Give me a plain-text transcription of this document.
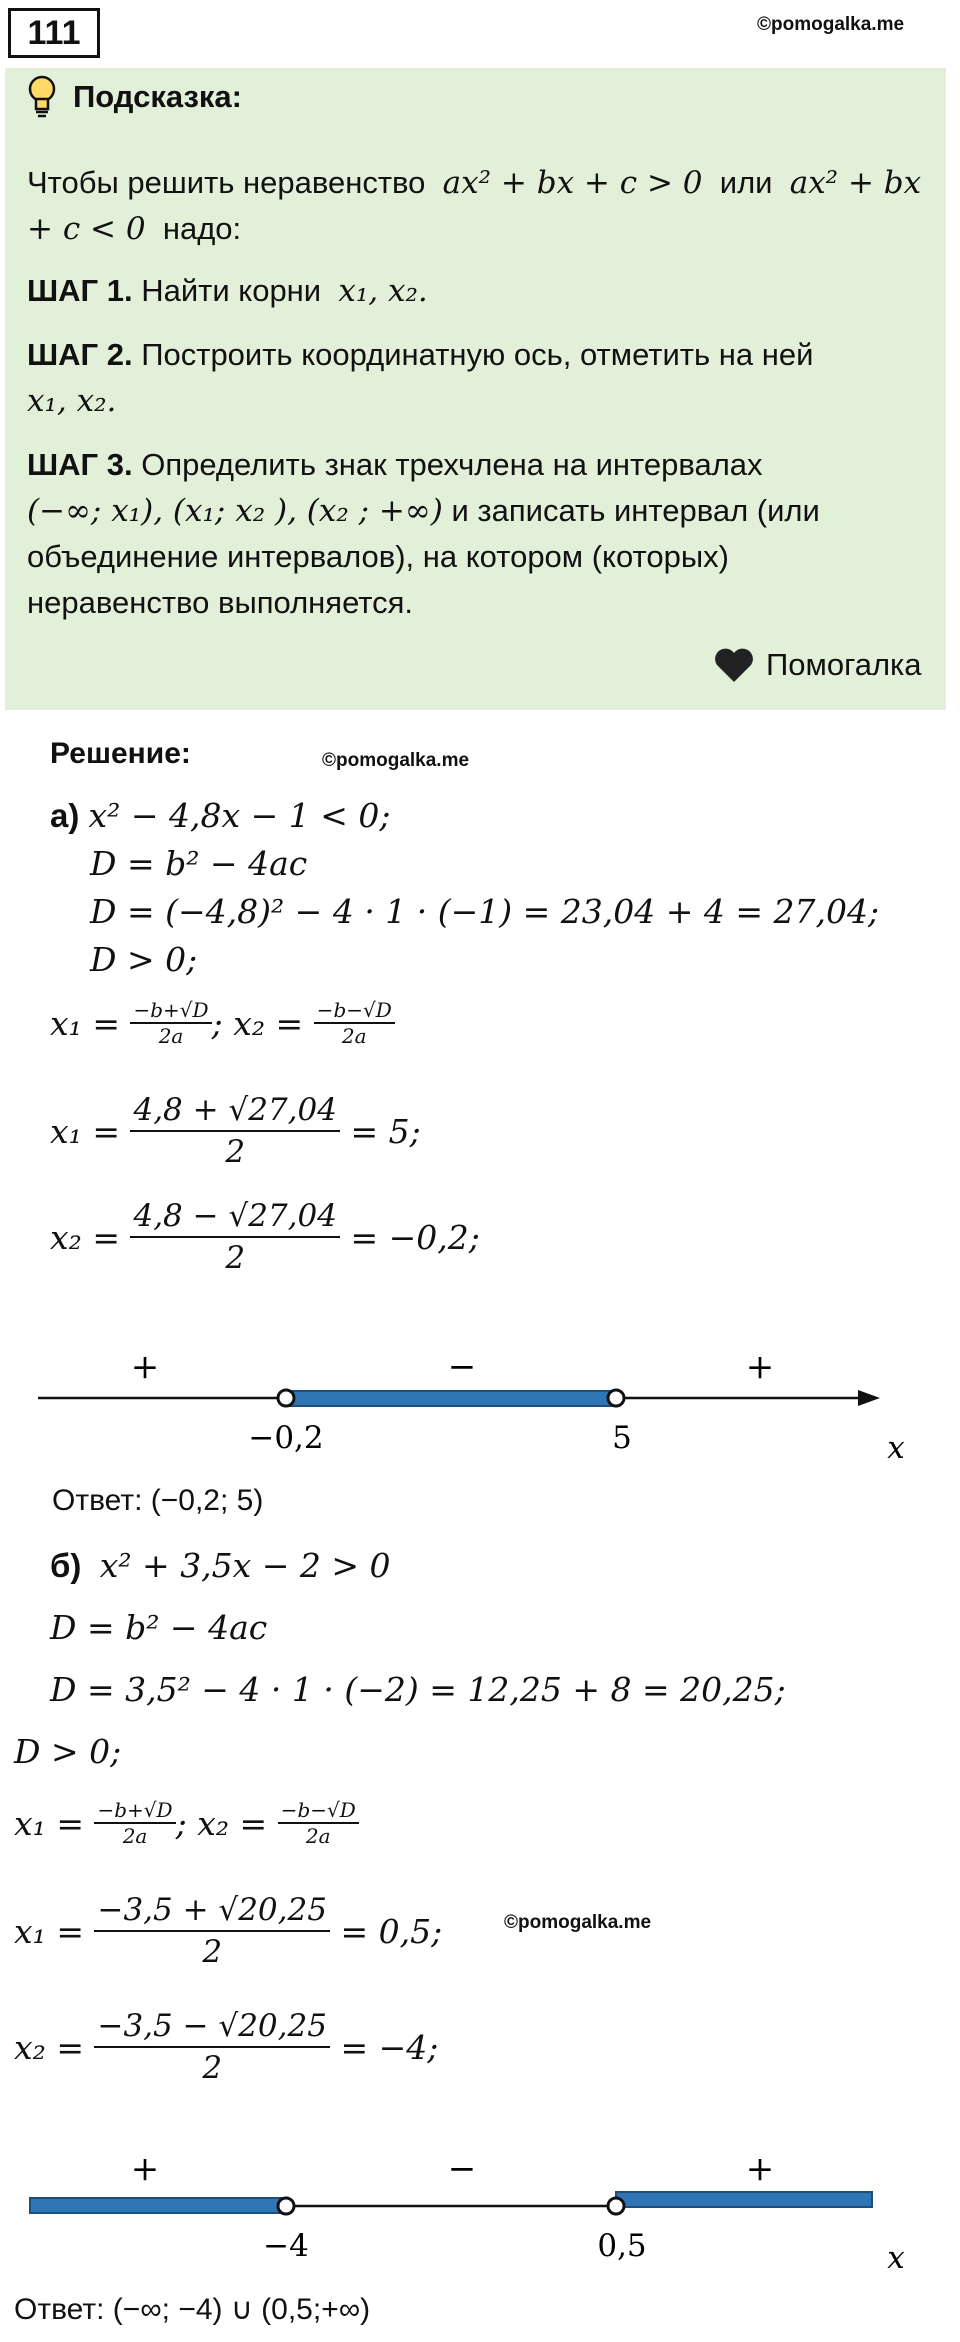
111	©pomogalka.me
Подсказка:
Чтобы решить неравенство ax² + bx + c > 0 или ax² + bx + c < 0 надо:
ШАГ 1. Найти корни x₁, x₂.
ШАГ 2. Построить координатную ось, отметить на ней
x₁, x₂.
ШАГ 3. Определить знак трехчлена на интервалах
(−∞; x₁), (x₁; x₂ ), (x₂ ; +∞) и записать интервал (или
объединение интервалов), на котором (которых)
неравенство выполняется.
Помогалка
Решение:	©pomogalka.me
а) x² − 4,8x − 1 < 0;
D = b² − 4ac
D = (−4,8)² − 4 · 1 · (−1) = 23,04 + 4 = 27,04;
D > 0;
x₁ =
$\frac{-b+√D}{2a}$ ; x₂ =
$\frac{-b-√D}{2a}$
x₁ =
$\frac{4,8 + √27,04}{2}$
= 5;
x₂ =
$\frac{4,8 - √27,04}{2}$
= −0,2;
+	−	+
−0,2	5	x
Ответ: (−0,2; 5)
б) x² + 3,5x − 2 > 0
D = b² − 4ac
D = 3,5² − 4 · 1 · (−2) = 12,25 + 8 = 20,25;
D > 0;
x₁ =
$\frac{-b+√D}{2a}$ ; x₂ =
$\frac{-b-√D}{2a}$
x₁ =
$\frac{-3,5 + √20,25}{2}$
= 0,5;	©pomogalka.me
x₂ =
$\frac{-3,5 - √20,25}{2}$
= −4;
+	−	+
−4	0,5	x
Ответ: (−∞; −4) ∪ (0,5;+∞)
